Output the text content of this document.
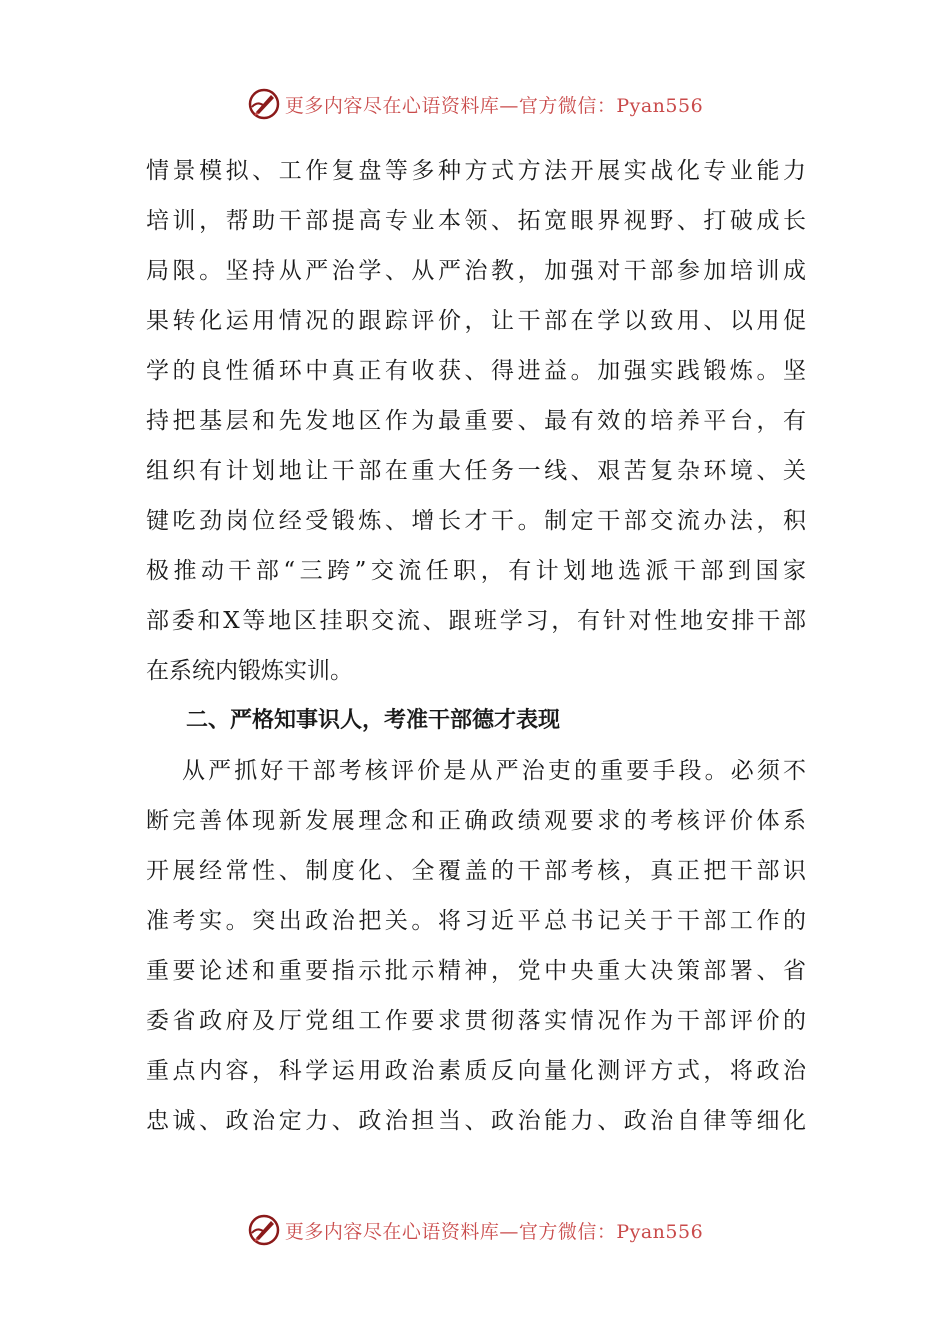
更多内容尽在心语资料库—官方微信：Pyan556
情景模拟、工作复盘等多种方式方法开展实战化专业能力
培训，帮助干部提高专业本领、拓宽眼界视野、打破成长
局限。坚持从严治学、从严治教，加强对干部参加培训成
果转化运用情况的跟踪评价，让干部在学以致用、以用促
学的良性循环中真正有收获、得进益。加强实践锻炼。坚
持把基层和先发地区作为最重要、最有效的培养平台，有
组织有计划地让干部在重大任务一线、艰苦复杂环境、关
键吃劲岗位经受锻炼、增长才干。制定干部交流办法，积
极推动干部“三跨”交流任职，有计划地选派干部到国家
部委和X等地区挂职交流、跟班学习，有针对性地安排干部
在系统内锻炼实训。
二、严格知事识人，考准干部德才表现
从严抓好干部考核评价是从严治吏的重要手段。必须不
断完善体现新发展理念和正确政绩观要求的考核评价体系
开展经常性、制度化、全覆盖的干部考核，真正把干部识
准考实。突出政治把关。将习近平总书记关于干部工作的
重要论述和重要指示批示精神，党中央重大决策部署、省
委省政府及厅党组工作要求贯彻落实情况作为干部评价的
重点内容，科学运用政治素质反向量化测评方式，将政治
忠诚、政治定力、政治担当、政治能力、政治自律等细化
更多内容尽在心语资料库—官方微信：Pyan556
